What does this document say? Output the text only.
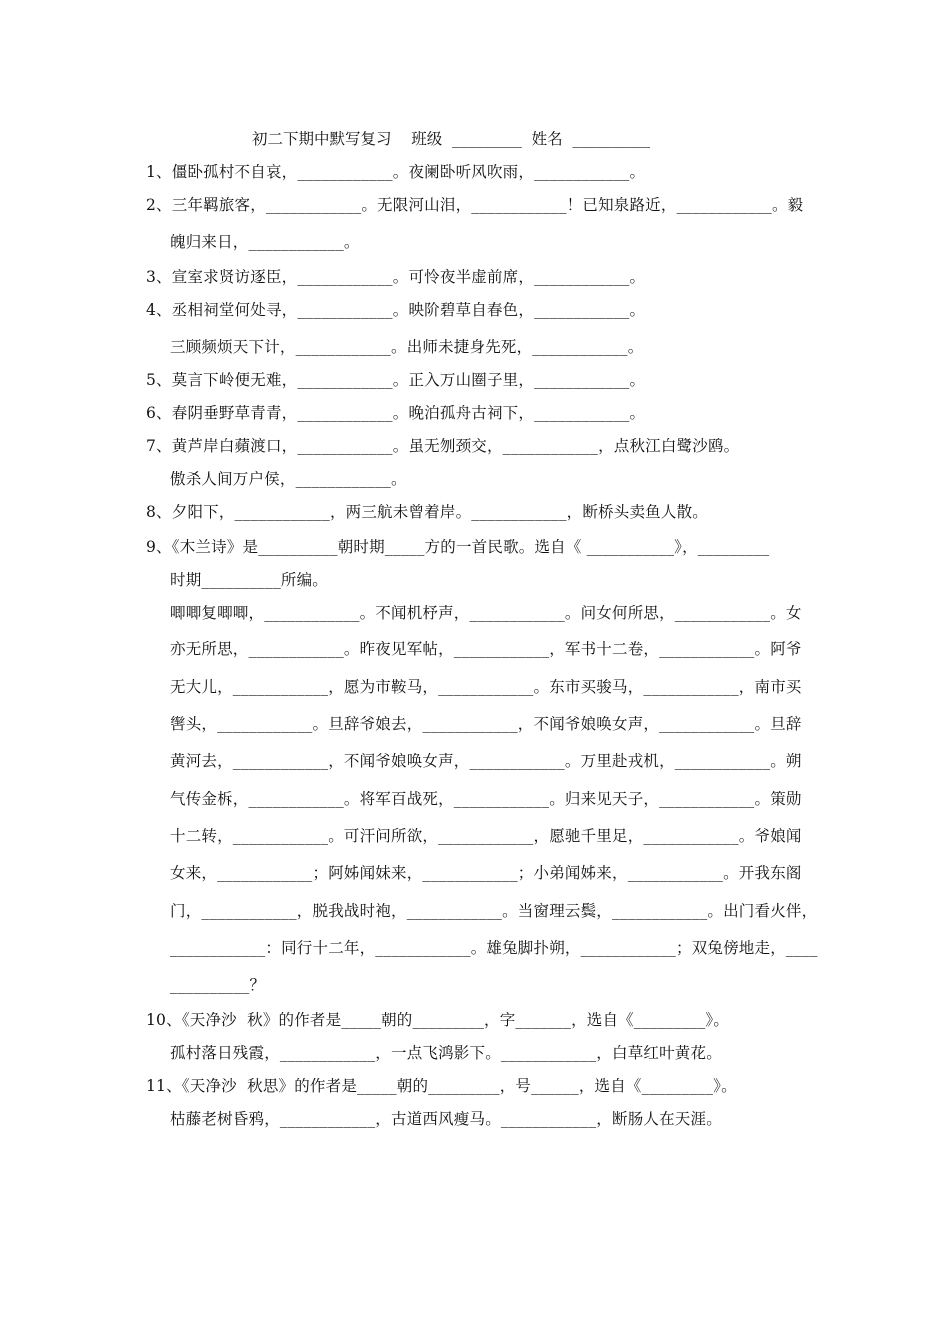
初二下期中默写复习    班级  _________  姓名  __________
1、僵卧孤村不自哀，____________。夜阑卧听风吹雨，____________。
2、三年羁旅客，____________。无限河山泪，____________！已知泉路近，____________。毅
魄归来日，____________。
3、宣室求贤访逐臣，____________。可怜夜半虚前席，____________。
4、丞相祠堂何处寻，____________。映阶碧草自春色，____________。
三顾频烦天下计，____________。出师未捷身先死，____________。
5、莫言下岭便无难，____________。正入万山圈子里，____________。
6、春阴垂野草青青，____________。晚泊孤舟古祠下，____________。
7、黄芦岸白蘋渡口，____________。虽无刎颈交，____________，点秋江白鹭沙鸥。
傲杀人间万户侯，____________。
8、夕阳下，____________，两三航未曾着岸。____________，断桥头卖鱼人散。
9、《木兰诗》是__________朝时期_____方的一首民歌。选自《 ___________》，_________
时期__________所编。
唧唧复唧唧，____________。不闻机杼声，____________。问女何所思，____________。女
亦无所思，____________。昨夜见军帖，____________，军书十二卷，____________。阿爷
无大儿，____________，愿为市鞍马，____________。东市买骏马，____________，南市买
辔头，____________。旦辞爷娘去，____________，不闻爷娘唤女声，____________。旦辞
黄河去，____________，不闻爷娘唤女声，____________。万里赴戎机，____________。朔
气传金柝，____________。将军百战死，____________。归来见天子，____________。策勋
十二转，____________。可汗问所欲，____________，愿驰千里足，____________。爷娘闻
女来，____________；阿姊闻妹来，____________；小弟闻姊来，____________。开我东阁
门，____________，脱我战时袍，____________。当窗理云鬓，____________。出门看火伴，
____________：同行十二年，____________。雄兔脚扑朔，____________；双兔傍地走，____
__________？
10、《天净沙  秋》的作者是_____朝的_________，字_______，选自《_________》。
孤村落日残霞，____________，一点飞鸿影下。____________，白草红叶黄花。
11、《天净沙  秋思》的作者是_____朝的_________，号______，选自《_________》。
枯藤老树昏鸦，____________，古道西风瘦马。____________，断肠人在天涯。
